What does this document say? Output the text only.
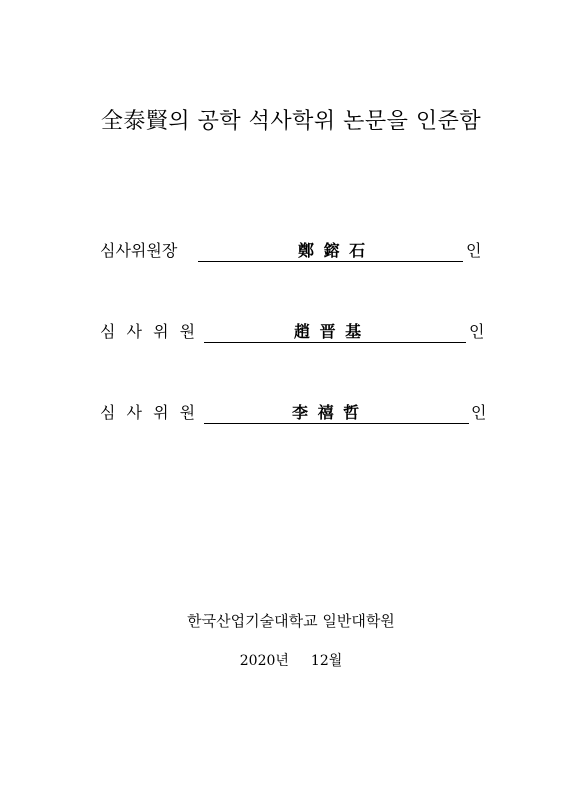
全泰賢의 공학 석사학위 논문을 인준함
심사위원장	鄭 鎔 石	인
심 사 위 원	趙 晋 基	인
심 사 위 원	李 禧 哲	인
한국산업기술대학교 일반대학원
2020년 12월
